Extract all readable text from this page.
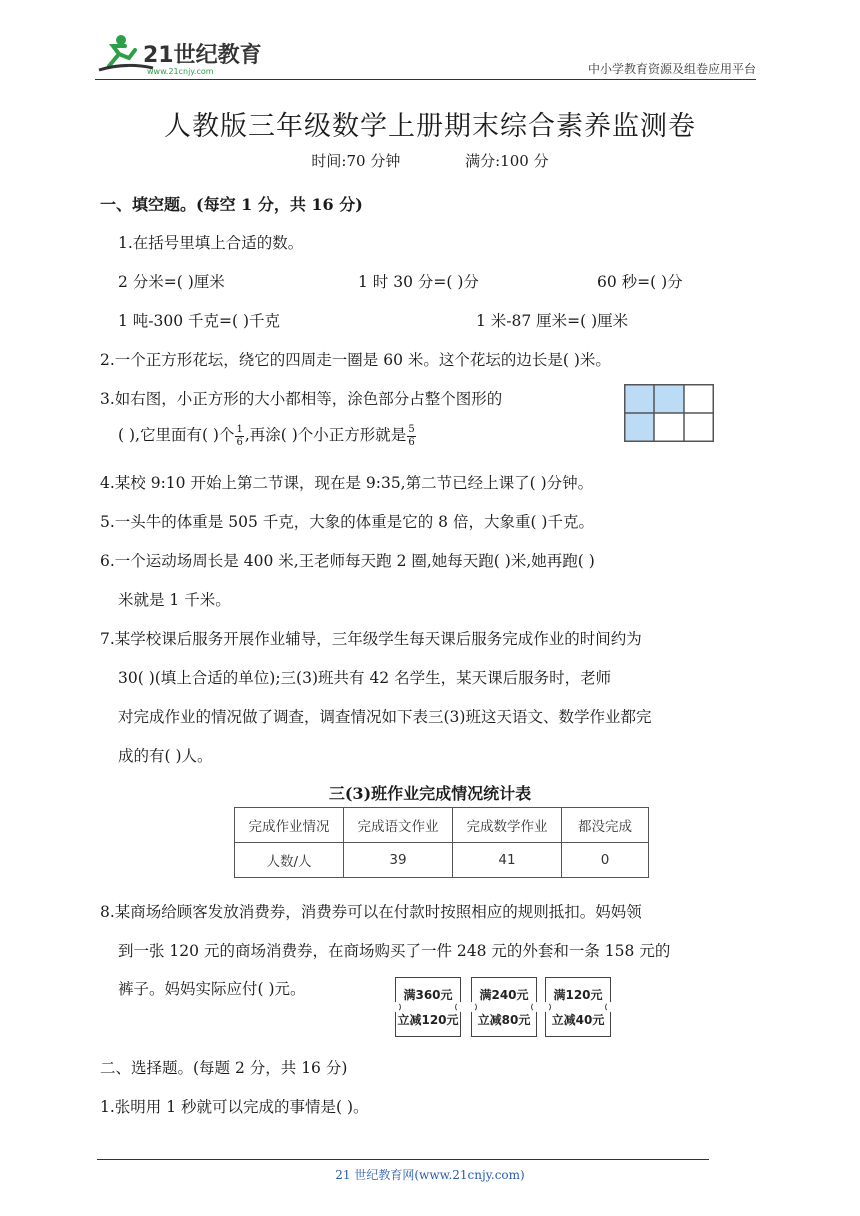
21世纪教育
www.21cnjy.com	中小学教育资源及组卷应用平台
人教版三年级数学上册期末综合素养监测卷
时间:70 分钟	满分:100 分
一、填空题。(每空 1 分，共 16 分)
1.在括号里填上合适的数。
2 分米=( )厘米	1 时 30 分=( )分	60 秒=( )分
1 吨-300 千克=( )千克	1 米-87 厘米=( )厘米
2.一个正方形花坛，绕它的四周走一圈是 60 米。这个花坛的边长是( )米。
3.如右图，小正方形的大小都相等，涂色部分占整个图形的
( ),它里面有( )个 $\frac{1}{6}$ ,再涂( )个小正方形就是 $\frac{5}{6}$
4.某校 9:10 开始上第二节课，现在是 9:35,第二节已经上课了( )分钟。
5.一头牛的体重是 505 千克，大象的体重是它的 8 倍，大象重( )千克。
6.一个运动场周长是 400 米,王老师每天跑 2 圈,她每天跑( )米,她再跑( )
米就是 1 千米。
7.某学校课后服务开展作业辅导，三年级学生每天课后服务完成作业的时间约为
30( )(填上合适的单位);三(3)班共有 42 名学生，某天课后服务时，老师
对完成作业的情况做了调查，调查情况如下表三(3)班这天语文、数学作业都完
成的有( )人。
三(3)班作业完成情况统计表
完成作业情况	完成语文作业	完成数学作业	都没完成
人数/人	39	41	0
8.某商场给顾客发放消费券，消费券可以在付款时按照相应的规则抵扣。妈妈领
到一张 120 元的商场消费券，在商场购买了一件 248 元的外套和一条 158 元的
裤子。妈妈实际应付( )元。	满360元
立减120元
满240元
立减80元
满120元
立减40元
二、选择题。(每题 2 分，共 16 分)
1.张明用 1 秒就可以完成的事情是( )。
21 世纪教育网(www.21cnjy.com)
